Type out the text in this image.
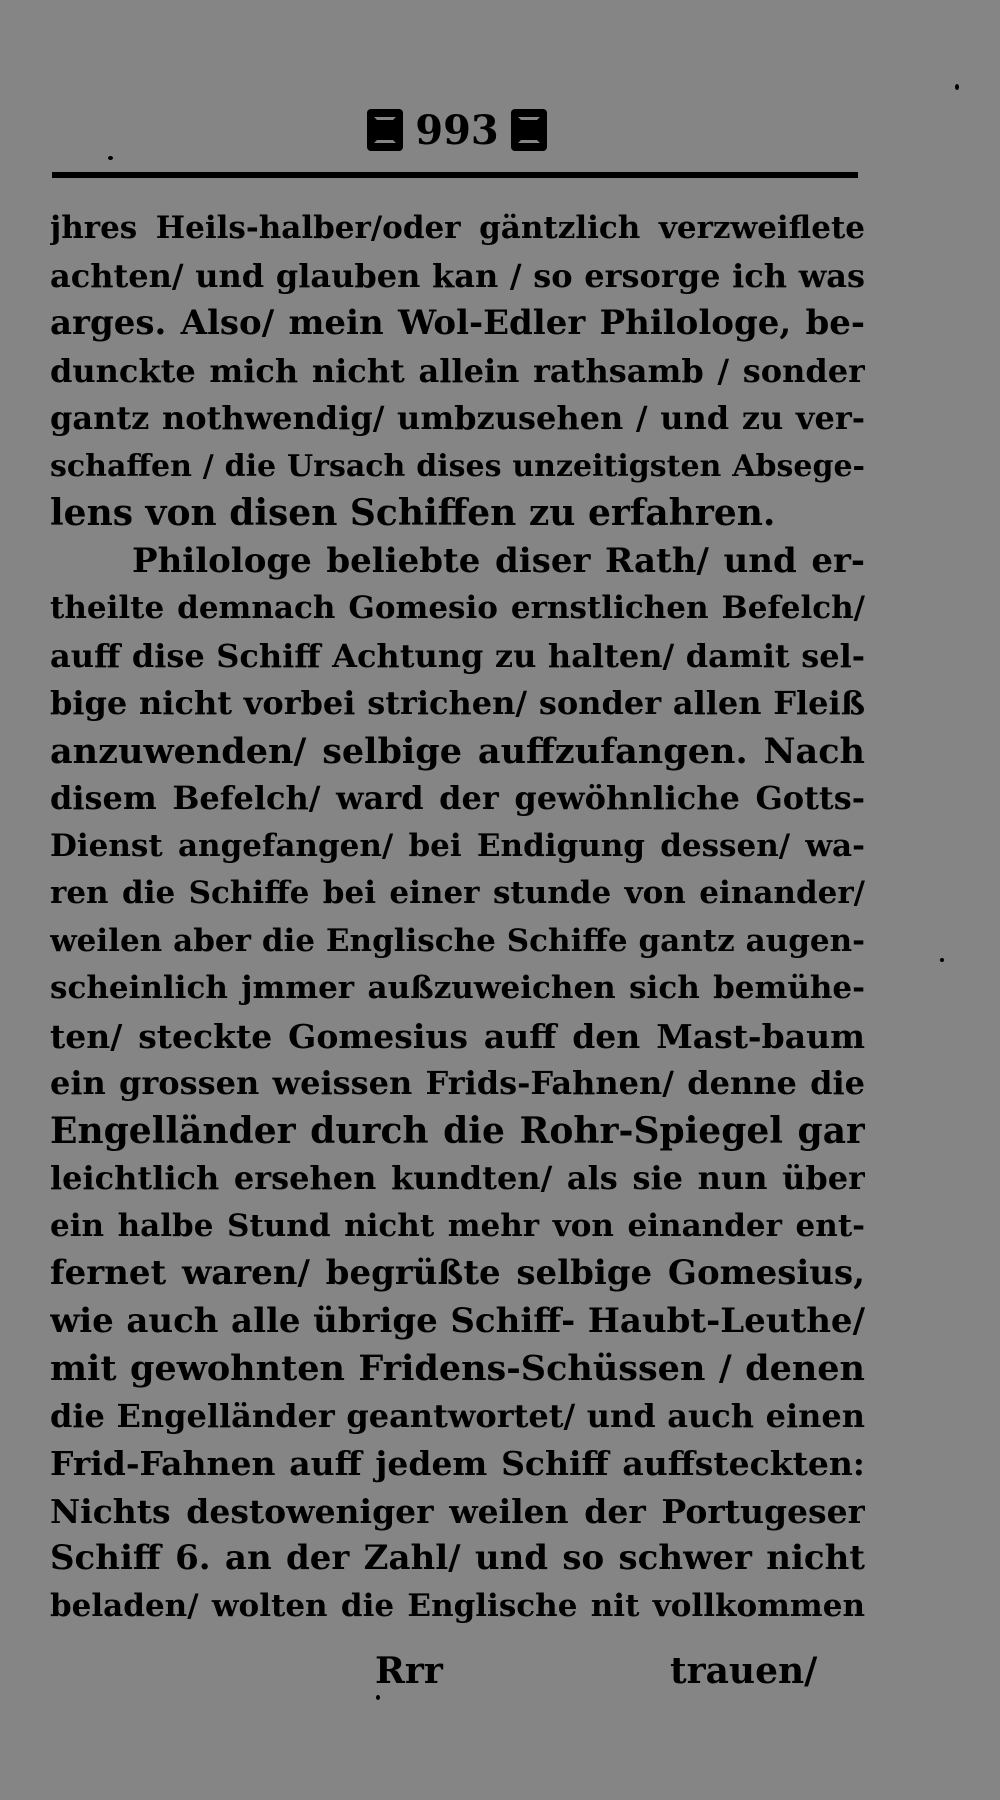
993
jhres Heils-halber/oder gäntzlich verzweiflete
achten/ und glauben kan / so ersorge ich was
arges. Also/ mein Wol-Edler Philologe, be-
dunckte mich nicht allein rathsamb / sonder
gantz nothwendig/ umbzusehen / und zu ver-
schaffen / die Ursach dises unzeitigsten Absege-
lens von disen Schiffen zu erfahren.
Philologe beliebte diser Rath/ und er-
theilte demnach Gomesio ernstlichen Befelch/
auff dise Schiff Achtung zu halten/ damit sel-
bige nicht vorbei strichen/ sonder allen Fleiß
anzuwenden/ selbige auffzufangen. Nach
disem Befelch/ ward der gewöhnliche Gotts-
Dienst angefangen/ bei Endigung dessen/ wa-
ren die Schiffe bei einer stunde von einander/
weilen aber die Englische Schiffe gantz augen-
scheinlich jmmer außzuweichen sich bemühe-
ten/ steckte Gomesius auff den Mast-baum
ein grossen weissen Frids-Fahnen/ denne die
Engelländer durch die Rohr-Spiegel gar
leichtlich ersehen kundten/ als sie nun über
ein halbe Stund nicht mehr von einander ent-
fernet waren/ begrüßte selbige Gomesius,
wie auch alle übrige Schiff- Haubt-Leuthe/
mit gewohnten Fridens-Schüssen / denen
die Engelländer geantwortet/ und auch einen
Frid-Fahnen auff jedem Schiff auffsteckten:
Nichts destoweniger weilen der Portugeser
Schiff 6. an der Zahl/ und so schwer nicht
beladen/ wolten die Englische nit vollkommen
Rrr	trauen/
